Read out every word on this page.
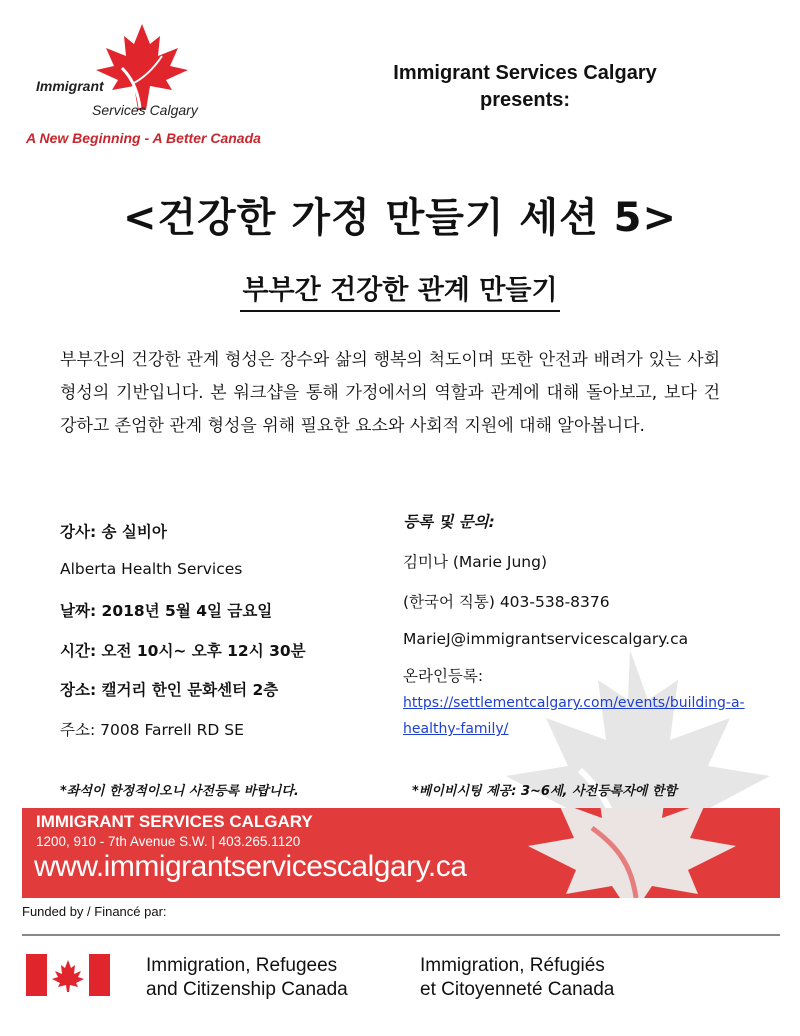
Immigrant
Services Calgary
A New Beginning - A Better Canada
Immigrant Services Calgary
presents:
<건강한 가정 만들기 세션 5>
부부간 건강한 관계 만들기
부부간의 건강한 관계 형성은 장수와 삶의 행복의 척도이며 또한 안전과 배려가 있는 사회형성의 기반입니다. 본 워크샵을 통해 가정에서의 역할과 관계에 대해 돌아보고, 보다 건강하고 존엄한 관계 형성을 위해 필요한 요소와 사회적 지원에 대해 알아봅니다.
강사: 송 실비아
Alberta Health Services
날짜: 2018년 5월 4일 금요일
시간: 오전 10시~ 오후 12시 30분
장소: 캘거리 한인 문화센터 2층
주소: 7008 Farrell RD SE
등록 및 문의:
김미나 (Marie Jung)
(한국어 직통) 403-538-8376
MarieJ@immigrantservicescalgary.ca
온라인등록:
https://settlementcalgary.com/events/building-a-
healthy-family/
*좌석이 한정적이오니 사전등록 바랍니다.	*베이비시팅 제공: 3~6세, 사전등록자에 한함
IMMIGRANT SERVICES CALGARY
1200, 910 - 7th Avenue S.W. | 403.265.1120
www.immigrantservicescalgary.ca
Funded by / Financé par:
Immigration, Refugees
and Citizenship Canada
Immigration, Réfugiés
et Citoyenneté Canada
